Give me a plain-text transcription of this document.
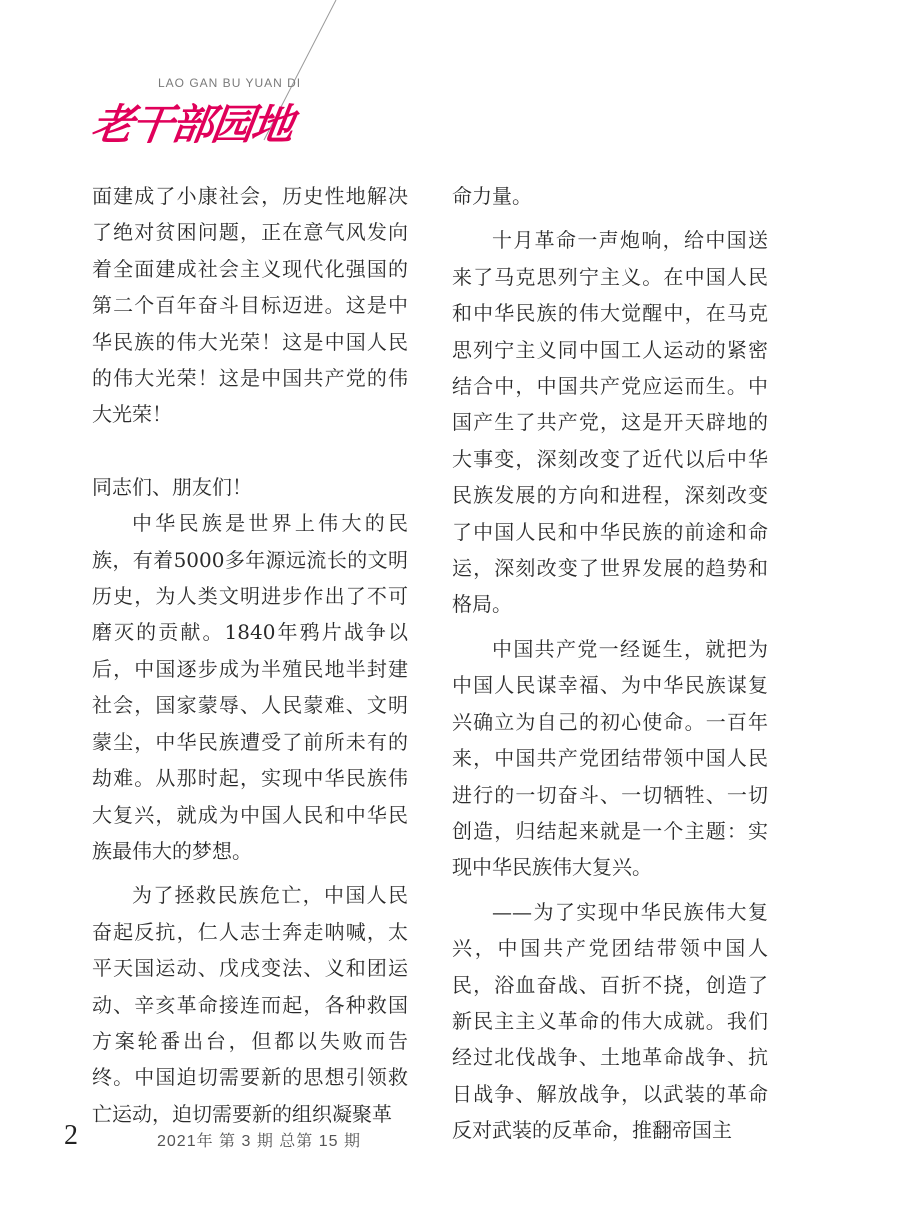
LAO GAN BU YUAN DI
老干部园地

面建成了小康社会，历史性地解决了绝对贫困问题，正在意气风发向着全面建成社会主义现代化强国的第二个百年奋斗目标迈进。这是中华民族的伟大光荣！这是中国人民的伟大光荣！这是中国共产党的伟大光荣！

同志们、朋友们！

中华民族是世界上伟大的民族，有着5000多年源远流长的文明历史，为人类文明进步作出了不可磨灭的贡献。1840年鸦片战争以后，中国逐步成为半殖民地半封建社会，国家蒙辱、人民蒙难、文明蒙尘，中华民族遭受了前所未有的劫难。从那时起，实现中华民族伟大复兴，就成为中国人民和中华民族最伟大的梦想。

为了拯救民族危亡，中国人民奋起反抗，仁人志士奔走呐喊，太平天国运动、戊戌变法、义和团运动、辛亥革命接连而起，各种救国方案轮番出台，但都以失败而告终。中国迫切需要新的思想引领救亡运动，迫切需要新的组织凝聚革

命力量。

十月革命一声炮响，给中国送来了马克思列宁主义。在中国人民和中华民族的伟大觉醒中，在马克思列宁主义同中国工人运动的紧密结合中，中国共产党应运而生。中国产生了共产党，这是开天辟地的大事变，深刻改变了近代以后中华民族发展的方向和进程，深刻改变了中国人民和中华民族的前途和命运，深刻改变了世界发展的趋势和格局。

中国共产党一经诞生，就把为中国人民谋幸福、为中华民族谋复兴确立为自己的初心使命。一百年来，中国共产党团结带领中国人民进行的一切奋斗、一切牺牲、一切创造，归结起来就是一个主题：实现中华民族伟大复兴。

——为了实现中华民族伟大复兴，中国共产党团结带领中国人民，浴血奋战、百折不挠，创造了新民主主义革命的伟大成就。我们经过北伐战争、土地革命战争、抗日战争、解放战争，以武装的革命反对武装的反革命，推翻帝国主

2	2021年 第 3 期 总第 15 期
